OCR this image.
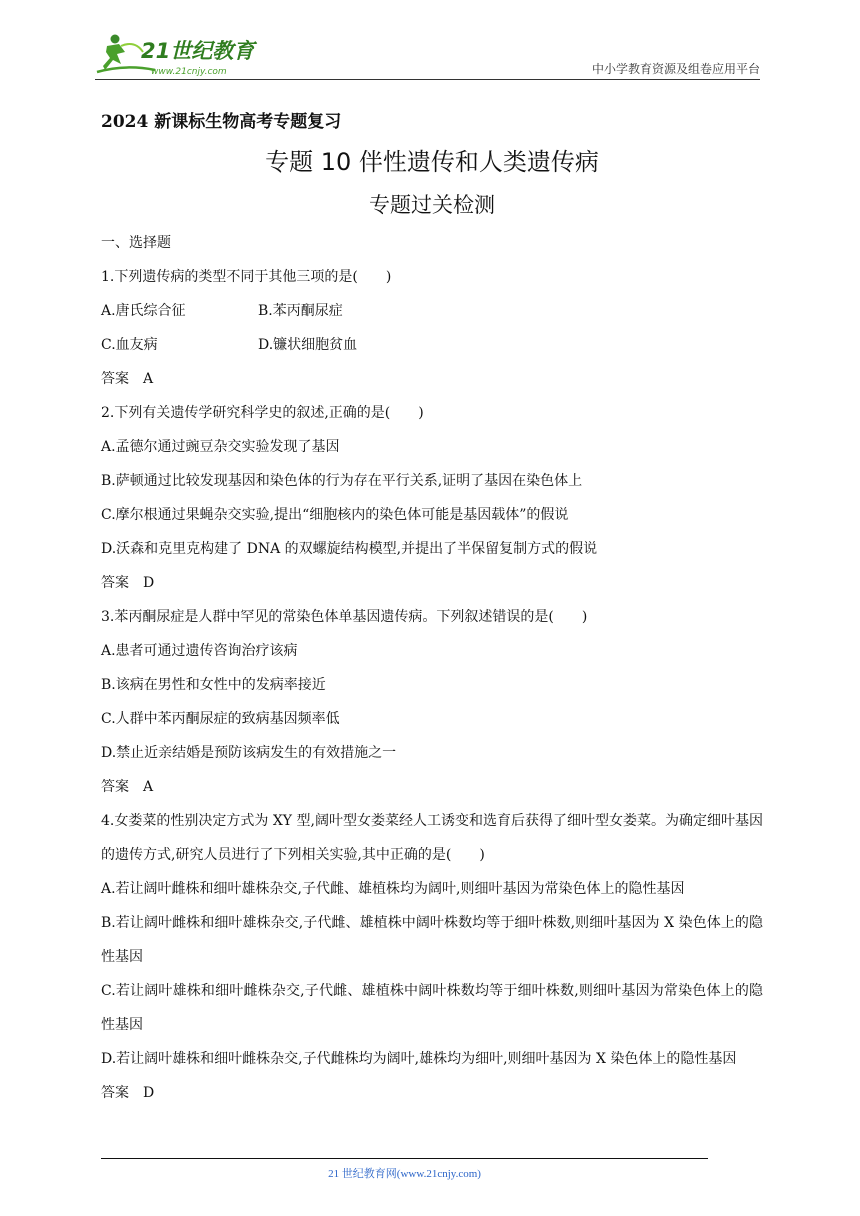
21世纪教育
www.21cnjy.com	中小学教育资源及组卷应用平台
2024 新课标生物高考专题复习
专题 10 伴性遗传和人类遗传病
专题过关检测
一、选择题
1.下列遗传病的类型不同于其他三项的是(　　)
A.唐氏综合征	B.苯丙酮尿症
C.血友病	D.镰状细胞贫血
答案　A
2.下列有关遗传学研究科学史的叙述,正确的是(　　)
A.孟德尔通过豌豆杂交实验发现了基因
B.萨顿通过比较发现基因和染色体的行为存在平行关系,证明了基因在染色体上
C.摩尔根通过果蝇杂交实验,提出“细胞核内的染色体可能是基因载体”的假说
D.沃森和克里克构建了 DNA 的双螺旋结构模型,并提出了半保留复制方式的假说
答案　D
3.苯丙酮尿症是人群中罕见的常染色体单基因遗传病。下列叙述错误的是(　　)
A.患者可通过遗传咨询治疗该病
B.该病在男性和女性中的发病率接近
C.人群中苯丙酮尿症的致病基因频率低
D.禁止近亲结婚是预防该病发生的有效措施之一
答案　A
4.女娄菜的性别决定方式为 XY 型,阔叶型女娄菜经人工诱变和选育后获得了细叶型女娄菜。为确定细叶基因的遗传方式,研究人员进行了下列相关实验,其中正确的是(　　)
A.若让阔叶雌株和细叶雄株杂交,子代雌、雄植株均为阔叶,则细叶基因为常染色体上的隐性基因
B.若让阔叶雌株和细叶雄株杂交,子代雌、雄植株中阔叶株数均等于细叶株数,则细叶基因为 X 染色体上的隐性基因
C.若让阔叶雄株和细叶雌株杂交,子代雌、雄植株中阔叶株数均等于细叶株数,则细叶基因为常染色体上的隐性基因
D.若让阔叶雄株和细叶雌株杂交,子代雌株均为阔叶,雄株均为细叶,则细叶基因为 X 染色体上的隐性基因
答案　D
21 世纪教育网(www.21cnjy.com)
